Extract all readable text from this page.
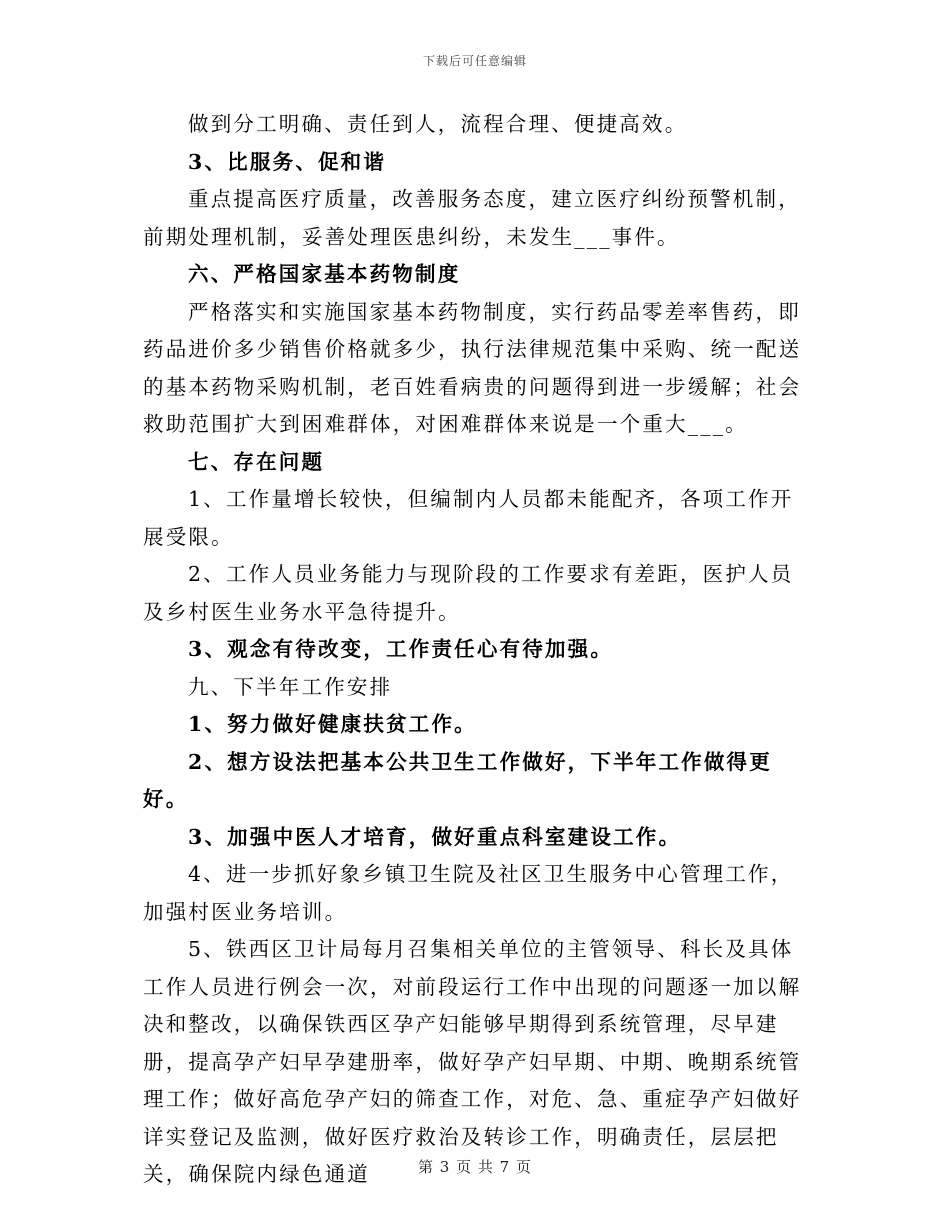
下载后可任意编辑

做到分工明确、责任到人，流程合理、便捷高效。

3、比服务、促和谐

重点提高医疗质量，改善服务态度，建立医疗纠纷预警机制，前期处理机制，妥善处理医患纠纷，未发生___事件。

六、严格国家基本药物制度

严格落实和实施国家基本药物制度，实行药品零差率售药，即药品进价多少销售价格就多少，执行法律规范集中采购、统一配送的基本药物采购机制，老百姓看病贵的问题得到进一步缓解；社会救助范围扩大到困难群体，对困难群体来说是一个重大___。

七、存在问题

1、工作量增长较快，但编制内人员都未能配齐，各项工作开展受限。

2、工作人员业务能力与现阶段的工作要求有差距，医护人员及乡村医生业务水平急待提升。

3、观念有待改变，工作责任心有待加强。

九、下半年工作安排

1、努力做好健康扶贫工作。

2、想方设法把基本公共卫生工作做好，下半年工作做得更好。

3、加强中医人才培育，做好重点科室建设工作。

4、进一步抓好象乡镇卫生院及社区卫生服务中心管理工作，加强村医业务培训。

5、铁西区卫计局每月召集相关单位的主管领导、科长及具体工作人员进行例会一次，对前段运行工作中出现的问题逐一加以解决和整改，以确保铁西区孕产妇能够早期得到系统管理，尽早建册，提高孕产妇早孕建册率，做好孕产妇早期、中期、晚期系统管理工作；做好高危孕产妇的筛查工作，对危、急、重症孕产妇做好详实登记及监测，做好医疗救治及转诊工作，明确责任，层层把关，确保院内绿色通道	第 3 页 共 7 页
